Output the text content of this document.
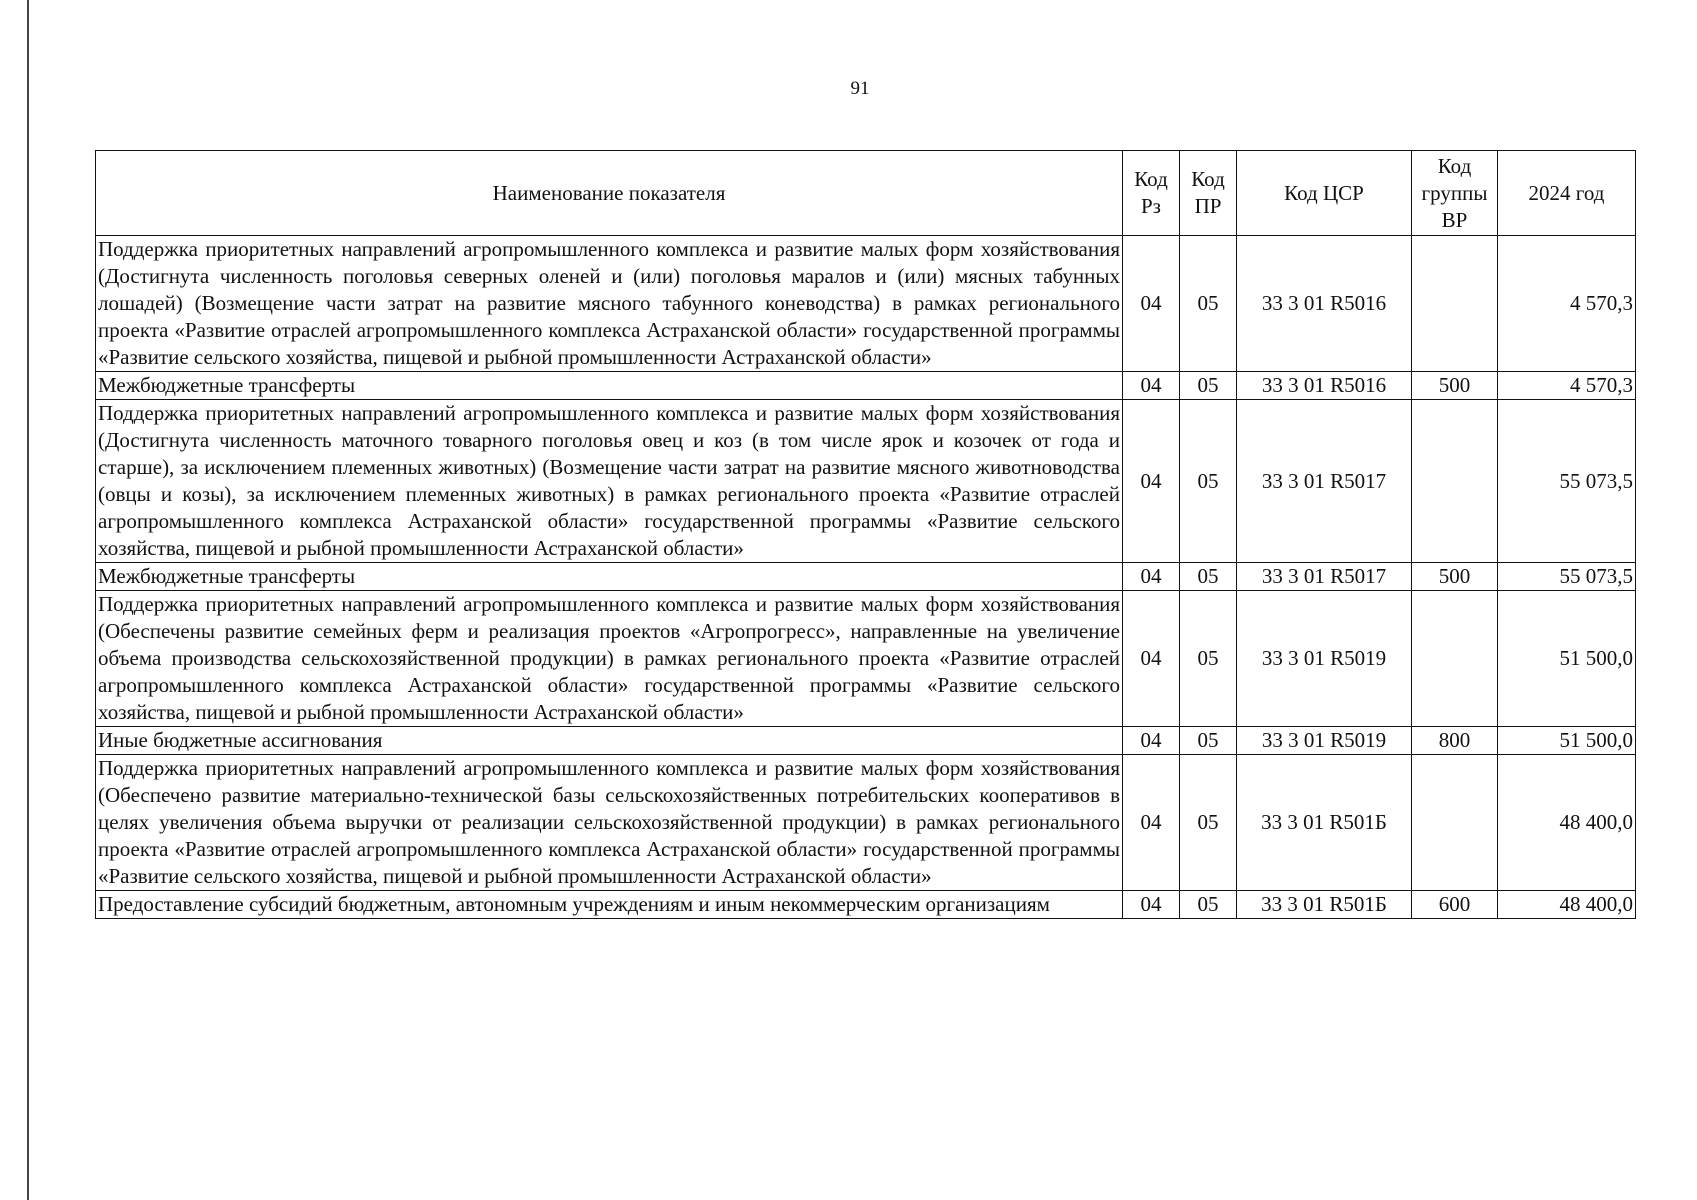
91
Наименование показателя	Код Рз	Код ПР	Код ЦСР	Код группы ВР	2024 год
Поддержка приоритетных направлений агропромышленного комплекса и развитие малых форм хозяйствования (Достигнута численность поголовья северных оленей и (или) поголовья маралов и (или) мясных табунных лошадей) (Возмещение части затрат на развитие мясного табунного коневодства) в рамках регионального проекта «Развитие отраслей агропромышленного комплекса Астраханской области» государственной программы «Развитие сельского хозяйства, пищевой и рыбной промышленности Астраханской области»	04	05	33 3 01 R5016		4 570,3
Межбюджетные трансферты	04	05	33 3 01 R5016	500	4 570,3
Поддержка приоритетных направлений агропромышленного комплекса и развитие малых форм хозяйствования (Достигнута численность маточного товарного поголовья овец и коз (в том числе ярок и козочек от года и старше), за исключением племенных животных) (Возмещение части затрат на развитие мясного животноводства (овцы и козы), за исключением племенных животных) в рамках регионального проекта «Развитие отраслей агропромышленного комплекса Астраханской области» государственной программы «Развитие сельского хозяйства, пищевой и рыбной промышленности Астраханской области»	04	05	33 3 01 R5017		55 073,5
Межбюджетные трансферты	04	05	33 3 01 R5017	500	55 073,5
Поддержка приоритетных направлений агропромышленного комплекса и развитие малых форм хозяйствования (Обеспечены развитие семейных ферм и реализация проектов «Агропрогресс», направленные на увеличение объема производства сельскохозяйственной продукции) в рамках регионального проекта «Развитие отраслей агропромышленного комплекса Астраханской области» государственной программы «Развитие сельского хозяйства, пищевой и рыбной промышленности Астраханской области»	04	05	33 3 01 R5019		51 500,0
Иные бюджетные ассигнования	04	05	33 3 01 R5019	800	51 500,0
Поддержка приоритетных направлений агропромышленного комплекса и развитие малых форм хозяйствования (Обеспечено развитие материально-технической базы сельскохозяйственных потребительских кооперативов в целях увеличения объема выручки от реализации сельскохозяйственной продукции) в рамках регионального проекта «Развитие отраслей агропромышленного комплекса Астраханской области» государственной программы «Развитие сельского хозяйства, пищевой и рыбной промышленности Астраханской области»	04	05	33 3 01 R501Б		48 400,0
Предоставление субсидий бюджетным, автономным учреждениям и иным некоммерческим организациям	04	05	33 3 01 R501Б	600	48 400,0
